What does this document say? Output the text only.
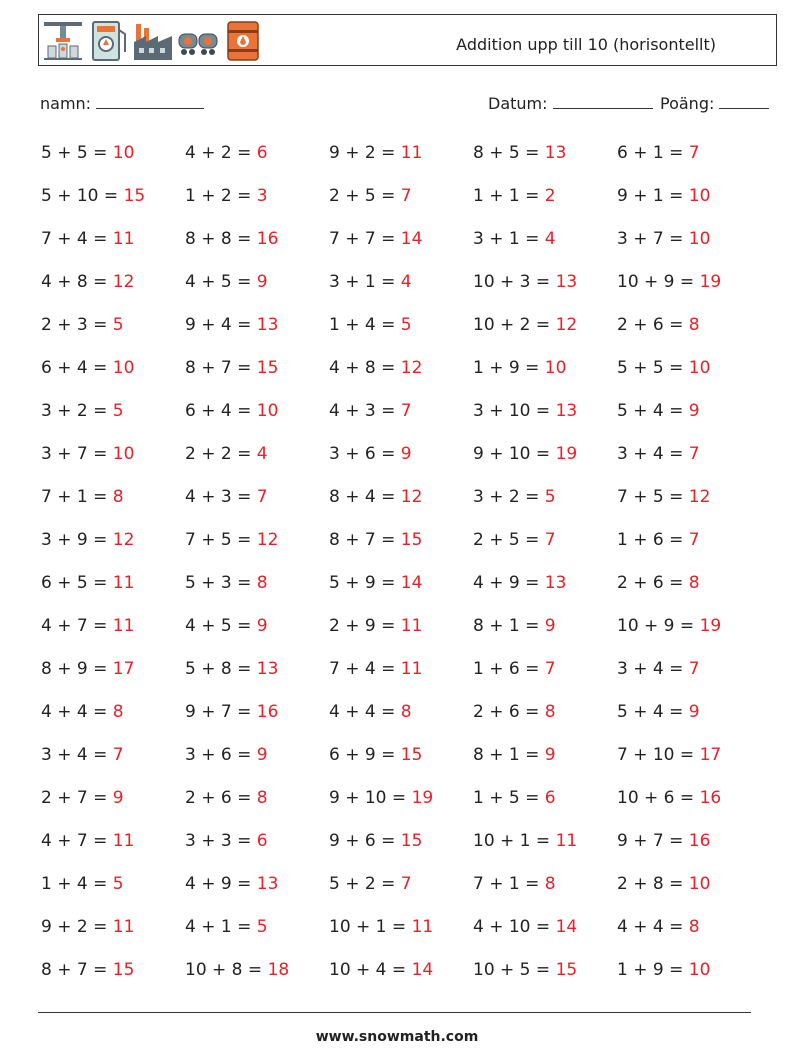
Addition upp till 10 (horisontellt)
namn:	Datum:	Poäng:
5 + 5 = 10	4 + 2 = 6	9 + 2 = 11	8 + 5 = 13	6 + 1 = 7
5 + 10 = 15	1 + 2 = 3	2 + 5 = 7	1 + 1 = 2	9 + 1 = 10
7 + 4 = 11	8 + 8 = 16	7 + 7 = 14	3 + 1 = 4	3 + 7 = 10
4 + 8 = 12	4 + 5 = 9	3 + 1 = 4	10 + 3 = 13	10 + 9 = 19
2 + 3 = 5	9 + 4 = 13	1 + 4 = 5	10 + 2 = 12	2 + 6 = 8
6 + 4 = 10	8 + 7 = 15	4 + 8 = 12	1 + 9 = 10	5 + 5 = 10
3 + 2 = 5	6 + 4 = 10	4 + 3 = 7	3 + 10 = 13	5 + 4 = 9
3 + 7 = 10	2 + 2 = 4	3 + 6 = 9	9 + 10 = 19	3 + 4 = 7
7 + 1 = 8	4 + 3 = 7	8 + 4 = 12	3 + 2 = 5	7 + 5 = 12
3 + 9 = 12	7 + 5 = 12	8 + 7 = 15	2 + 5 = 7	1 + 6 = 7
6 + 5 = 11	5 + 3 = 8	5 + 9 = 14	4 + 9 = 13	2 + 6 = 8
4 + 7 = 11	4 + 5 = 9	2 + 9 = 11	8 + 1 = 9	10 + 9 = 19
8 + 9 = 17	5 + 8 = 13	7 + 4 = 11	1 + 6 = 7	3 + 4 = 7
4 + 4 = 8	9 + 7 = 16	4 + 4 = 8	2 + 6 = 8	5 + 4 = 9
3 + 4 = 7	3 + 6 = 9	6 + 9 = 15	8 + 1 = 9	7 + 10 = 17
2 + 7 = 9	2 + 6 = 8	9 + 10 = 19	1 + 5 = 6	10 + 6 = 16
4 + 7 = 11	3 + 3 = 6	9 + 6 = 15	10 + 1 = 11	9 + 7 = 16
1 + 4 = 5	4 + 9 = 13	5 + 2 = 7	7 + 1 = 8	2 + 8 = 10
9 + 2 = 11	4 + 1 = 5	10 + 1 = 11	4 + 10 = 14	4 + 4 = 8
8 + 7 = 15	10 + 8 = 18	10 + 4 = 14	10 + 5 = 15	1 + 9 = 10
www.snowmath.com
